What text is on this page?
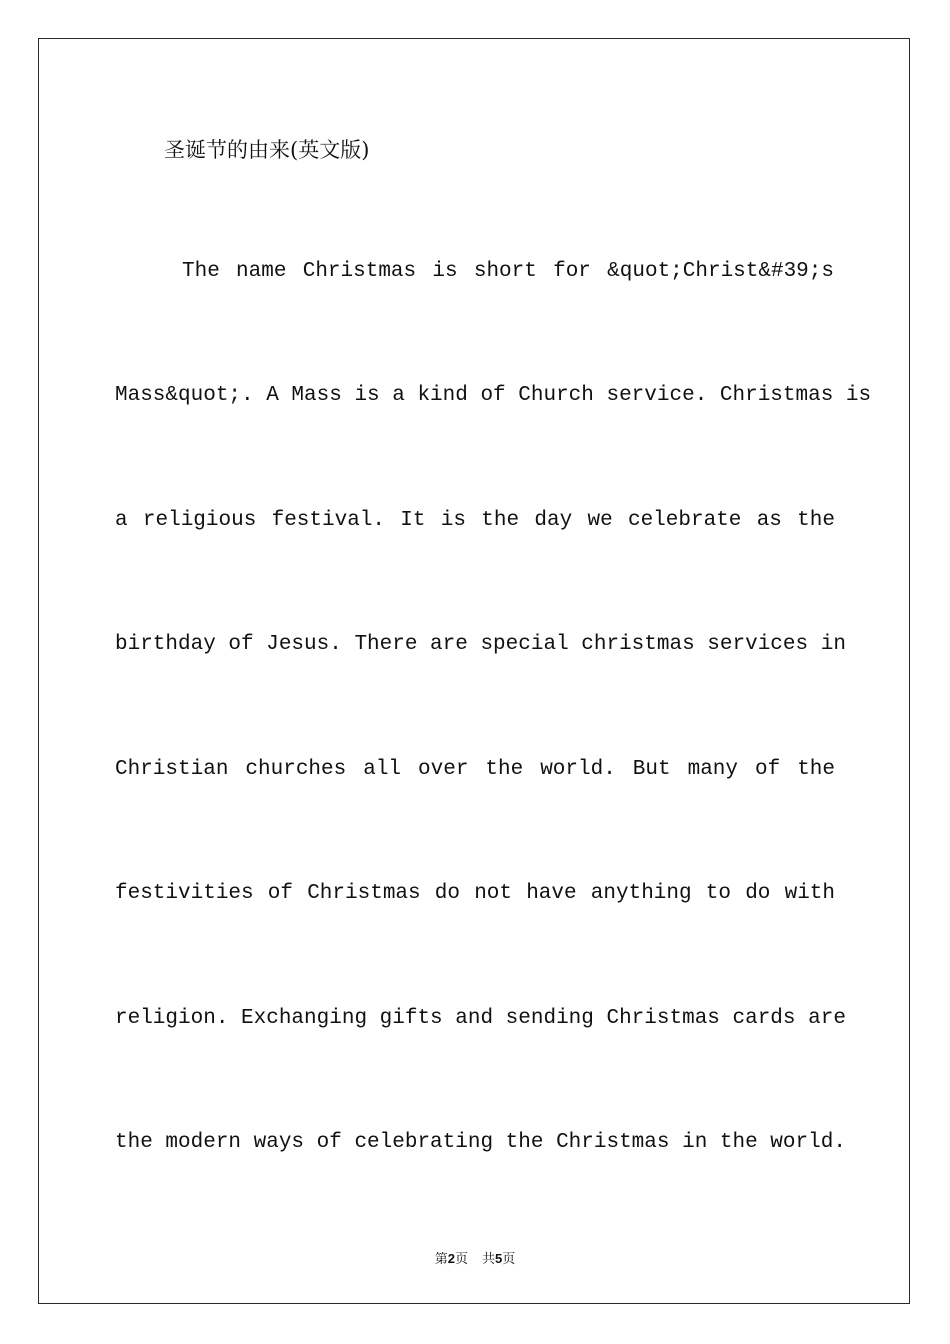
圣诞节的由来(英文版)
The name Christmas is short for &quot;Christ&#39;s
Mass&quot;. A Mass is a kind of Church service. Christmas is
a religious festival. It is the day we celebrate as the
birthday of Jesus. There are special christmas services in
Christian churches all over the world. But many of the
festivities of Christmas do not have anything to do with
religion. Exchanging gifts and sending Christmas cards are
the modern ways of celebrating the Christmas in the world.
第2页 共5页
